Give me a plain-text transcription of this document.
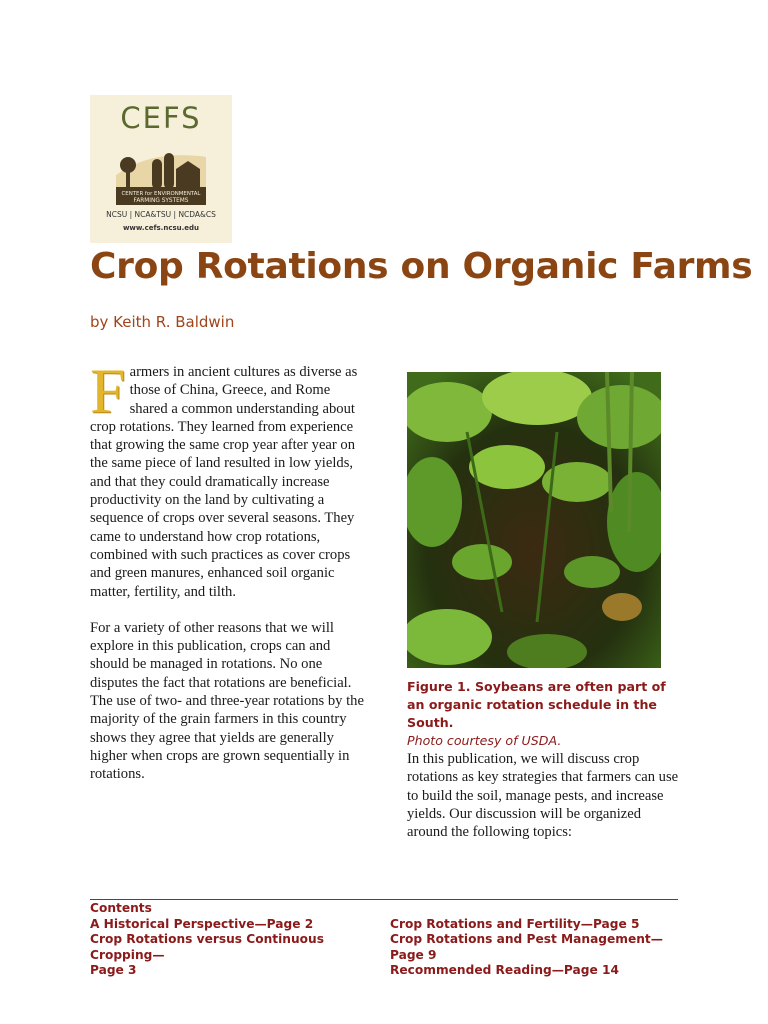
CEFS
CENTER for ENVIRONMENTAL
FARMING SYSTEMS
NCSU | NCA&TSU | NCDA&CS
www.cefs.ncsu.edu
Crop Rotations on Organic Farms
by Keith R. Baldwin

Farmers in ancient cultures as diverse as those of China, Greece, and Rome shared a common understanding about crop rotations. They learned from experience that growing the same crop year after year on the same piece of land resulted in low yields, and that they could dramatically increase productivity on the land by cultivating a sequence of crops over several seasons. They came to understand how crop rotations, combined with such practices as cover crops and green manures, enhanced soil organic matter, fertility, and tilth.

For a variety of other reasons that we will explore in this publication, crops can and should be managed in rotations. No one disputes the fact that rotations are beneficial. The use of two- and three-year rotations by the majority of the grain farmers in this country shows they agree that yields are generally higher when crops are grown sequentially in rotations.

Figure 1. Soybeans are often part of an organic rotation schedule in the South.
Photo courtesy of USDA.

In this publication, we will discuss crop rotations as key strategies that farmers can use to build the soil, manage pests, and increase yields. Our discussion will be organized around the following topics:

Contents
A Historical Perspective—Page 2
Crop Rotations versus Continuous Cropping—
Page 3
Crop Rotations and Fertility—Page 5
Crop Rotations and Pest Management—Page 9
Recommended Reading—Page 14
